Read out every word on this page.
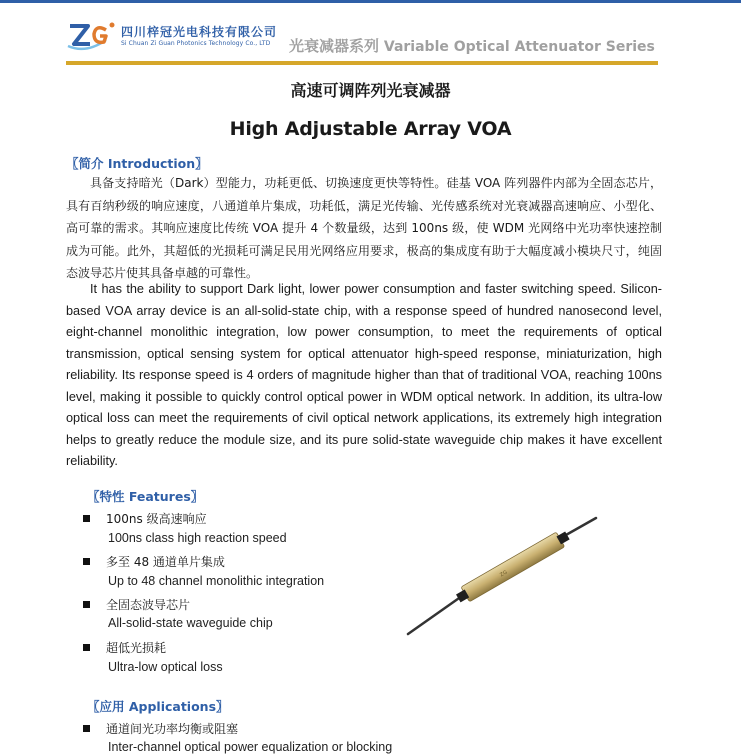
四川梓冠光电科技有限公司
Si Chuan Zi Guan Photonics Technology Co., LTD 光衰减器系列 Variable Optical Attenuator Series
高速可调阵列光衰减器
High Adjustable Array VOA
〖简介 Introduction〗
具备支持暗光（Dark）型能力，功耗更低、切换速度更快等特性。硅基 VOA 阵列器件内部为全固态芯片，具有百纳秒级的响应速度，八通道单片集成，功耗低，满足光传输、光传感系统对光衰减器高速响应、小型化、高可靠的需求。其响应速度比传统 VOA 提升 4 个数量级，达到 100ns 级，使 WDM 光网络中光功率快速控制成为可能。此外，其超低的光损耗可满足民用光网络应用要求，极高的集成度有助于大幅度减小模块尺寸，纯固态波导芯片使其具备卓越的可靠性。
It has the ability to support Dark light, lower power consumption and faster switching speed. Silicon-based VOA array device is an all-solid-state chip, with a response speed of hundred nanosecond level, eight-channel monolithic integration, low power consumption, to meet the requirements of optical transmission, optical sensing system for optical attenuator high-speed response, miniaturization, high reliability. Its response speed is 4 orders of magnitude higher than that of traditional VOA, reaching 100ns level, making it possible to quickly control optical power in WDM optical network. In addition, its ultra-low optical loss can meet the requirements of civil optical network applications, its extremely high integration helps to greatly reduce the module size, and its pure solid-state waveguide chip makes it have excellent reliability.
〖特性 Features〗
100ns 级高速响应
100ns class high reaction speed
多至 48 通道单片集成
Up to 48 channel monolithic integration
全固态波导芯片
All-solid-state waveguide chip
超低光损耗
Ultra-low optical loss
ZG
〖应用 Applications〗
通道间光功率均衡或阻塞
Inter-channel optical power equalization or blocking
